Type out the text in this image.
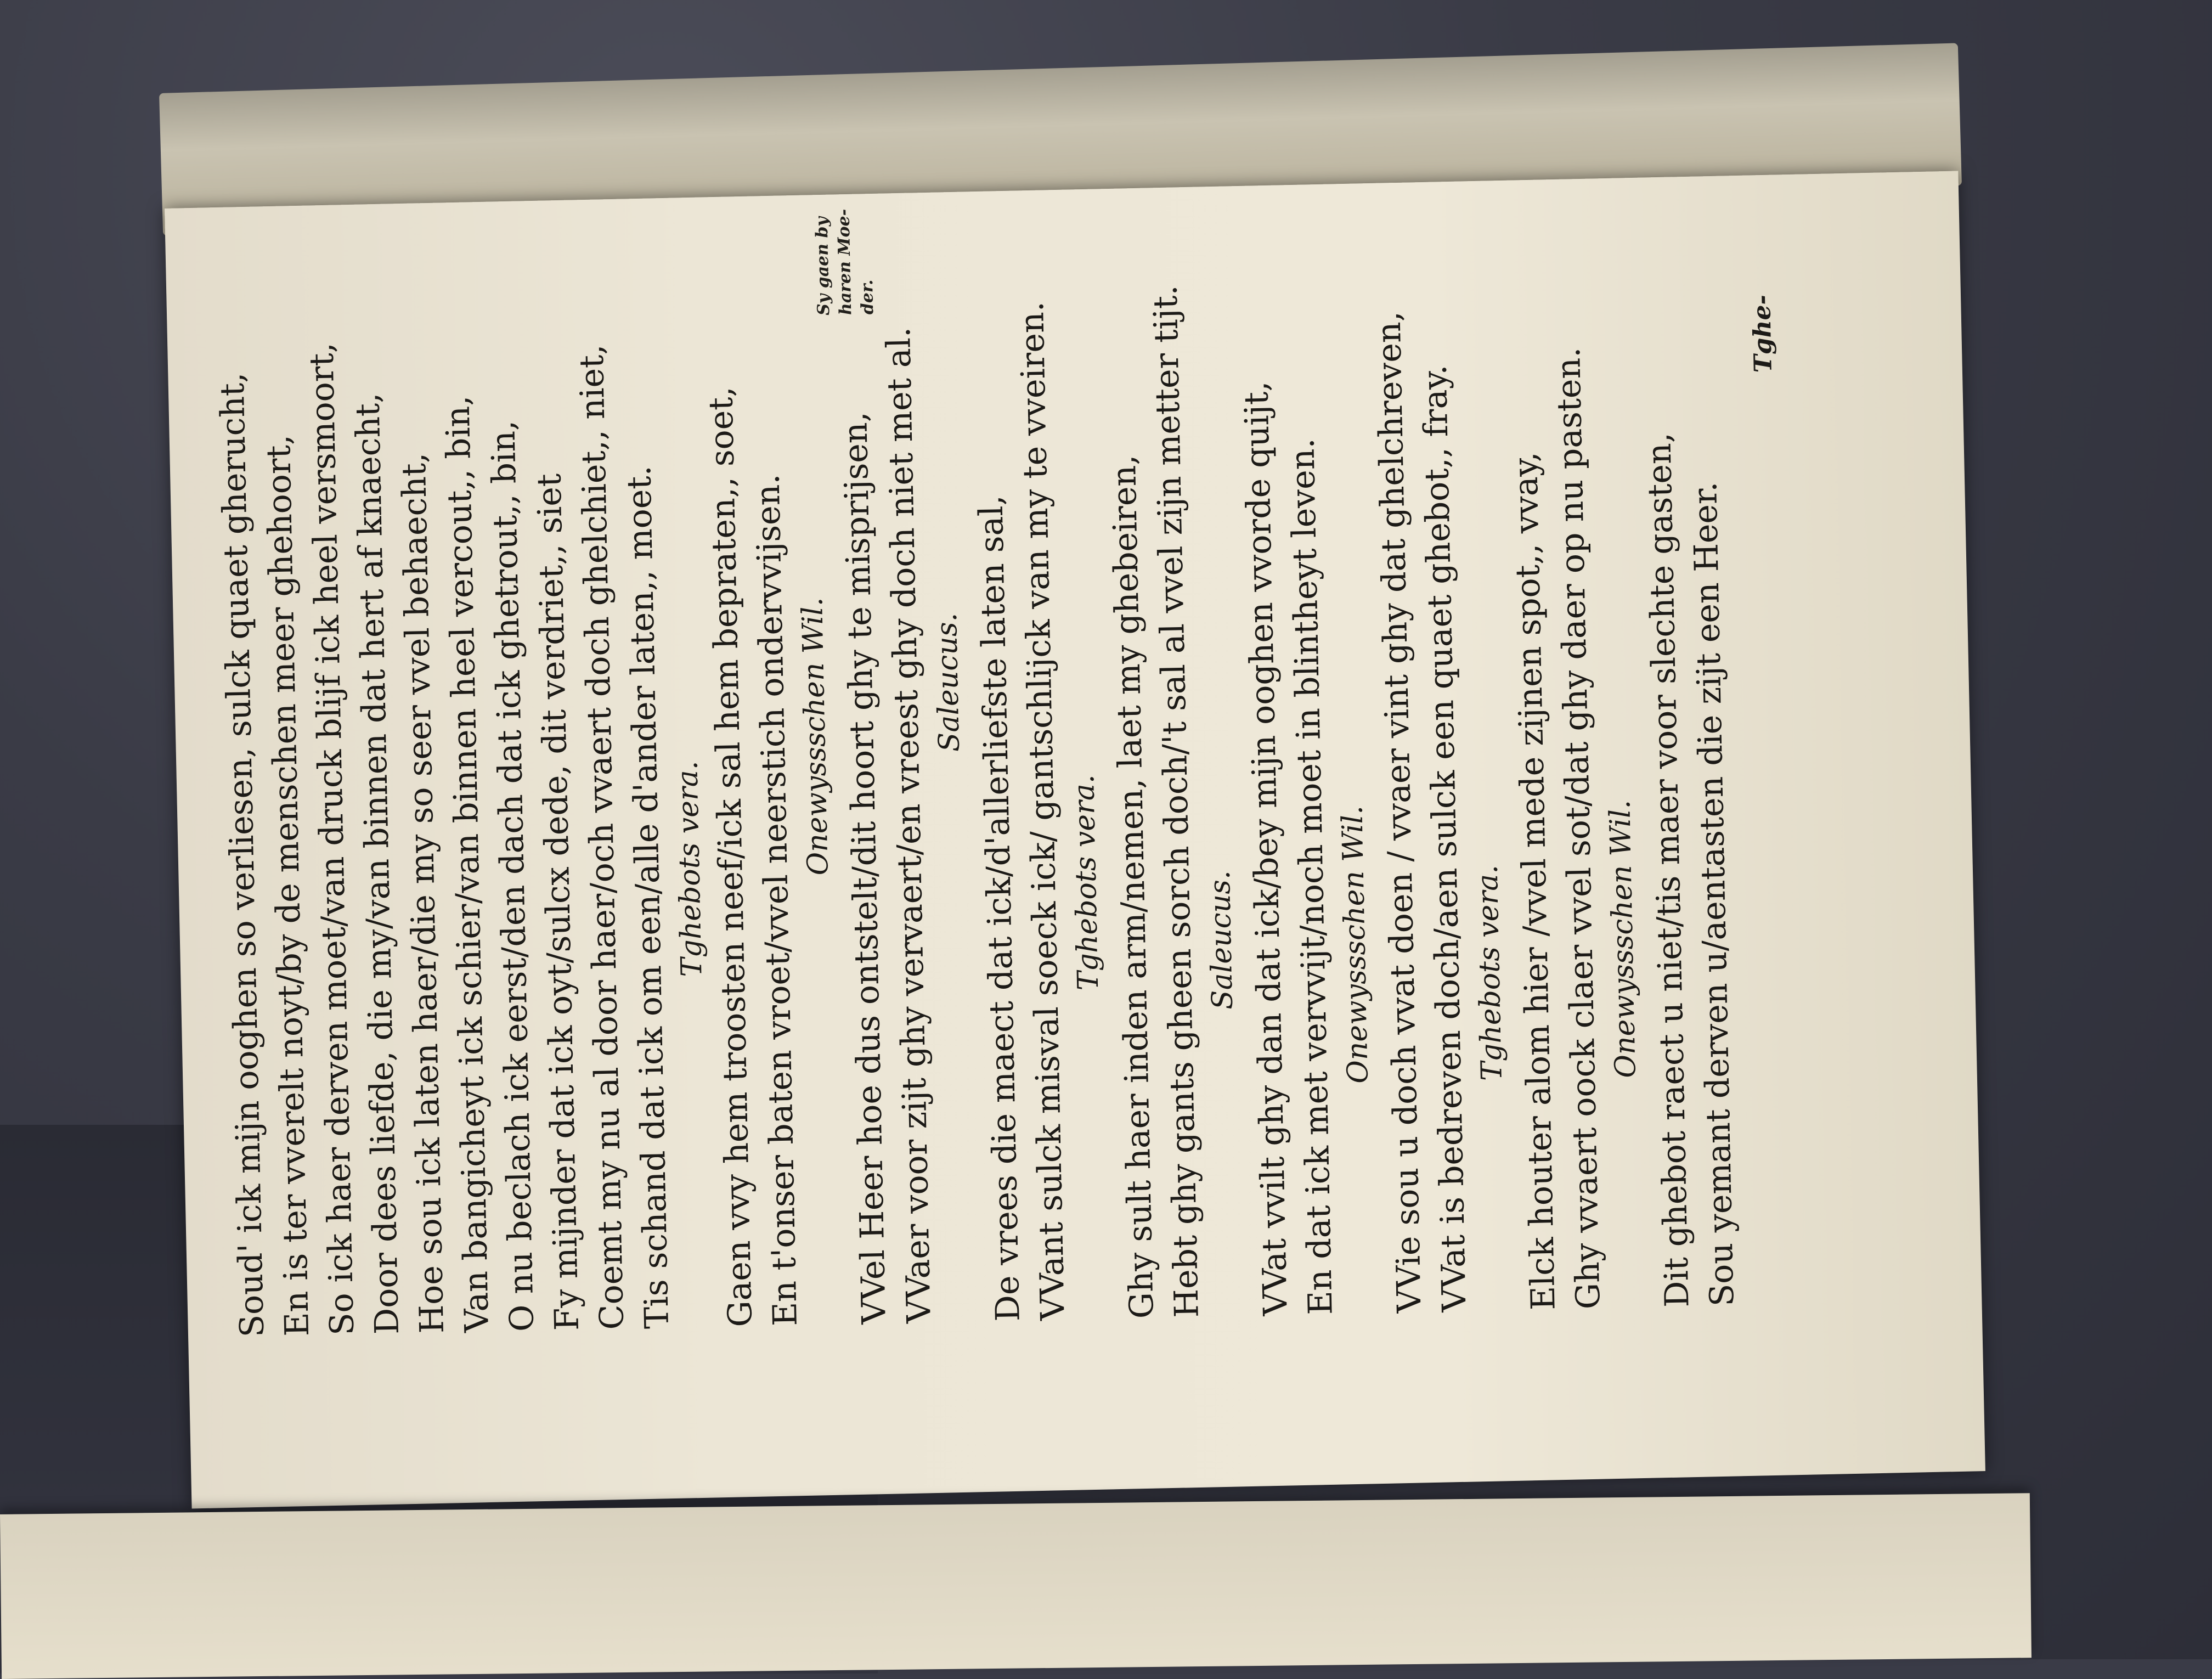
Soud' ick mijn ooghen so verliesen, sulck quaet gherucht,
En is ter vverelt noyt/by de menschen meer ghehoort,
So ick haer derven moet/van druck blijf ick heel versmoort,
Door dees liefde, die my/van binnen dat hert af knaecht,
Hoe sou ick laten haer/die my so seer vvel behaecht,
Van bangicheyt ick schier/van binnen heel vercout,, bin,
O nu beclach ick eerst/den dach dat ick ghetrout,, bin,
Fy mijnder dat ick oyt/sulcx dede, dit verdriet,, siet
Coemt my nu al door haer/och vvaert doch ghelchiet,, niet,
Tis schand dat ick om een/alle d'ander laten,, moet.
Tghebots vera.
Gaen vvy hem troosten neef/ick sal hem bepraten,, soet,
En t'onser baten vroet/vvel neerstich ondervvijsen.
Onewyssschen Wil. VVel Heer hoe dus ontstelt/dit hoort ghy te misprijsen,
VVaer voor zijt ghy vervaert/en vreest ghy doch niet met al.
Saleucus. De vrees die maect dat ick/d'allerliefste laten sal,
VVant sulck misval soeck ick/ gantschlijck van my te vveiren.
Tghebots vera. Ghy sult haer inden arm/nemen, laet my ghebeiren,
Hebt ghy gants gheen sorch doch/'t sal al vvel zijn metter tijt.
Saleucus.
VVat vvilt ghy dan dat ick/bey mijn ooghen vvorde quijt,
En dat ick met vervvijt/noch moet in blintheyt leven.
Onewyssschen Wil.
VVie sou u doch vvat doen / vvaer vint ghy dat ghelchreven,
VVat is bedreven doch/aen sulck een quaet ghebot,, fray.
Tghebots vera.
Elck houter alom hier /vvel mede zijnen spot,, vvay,
Ghy vvaert oock claer vvel sot/dat ghy daer op nu pasten.
Onewyssschen Wil.
Dit ghebot raect u niet/tis maer voor slechte gasten,
Sou yemant derven u/aentasten die zijt een Heer.
Sy gaen by haren Moe- der.	Tghe-
